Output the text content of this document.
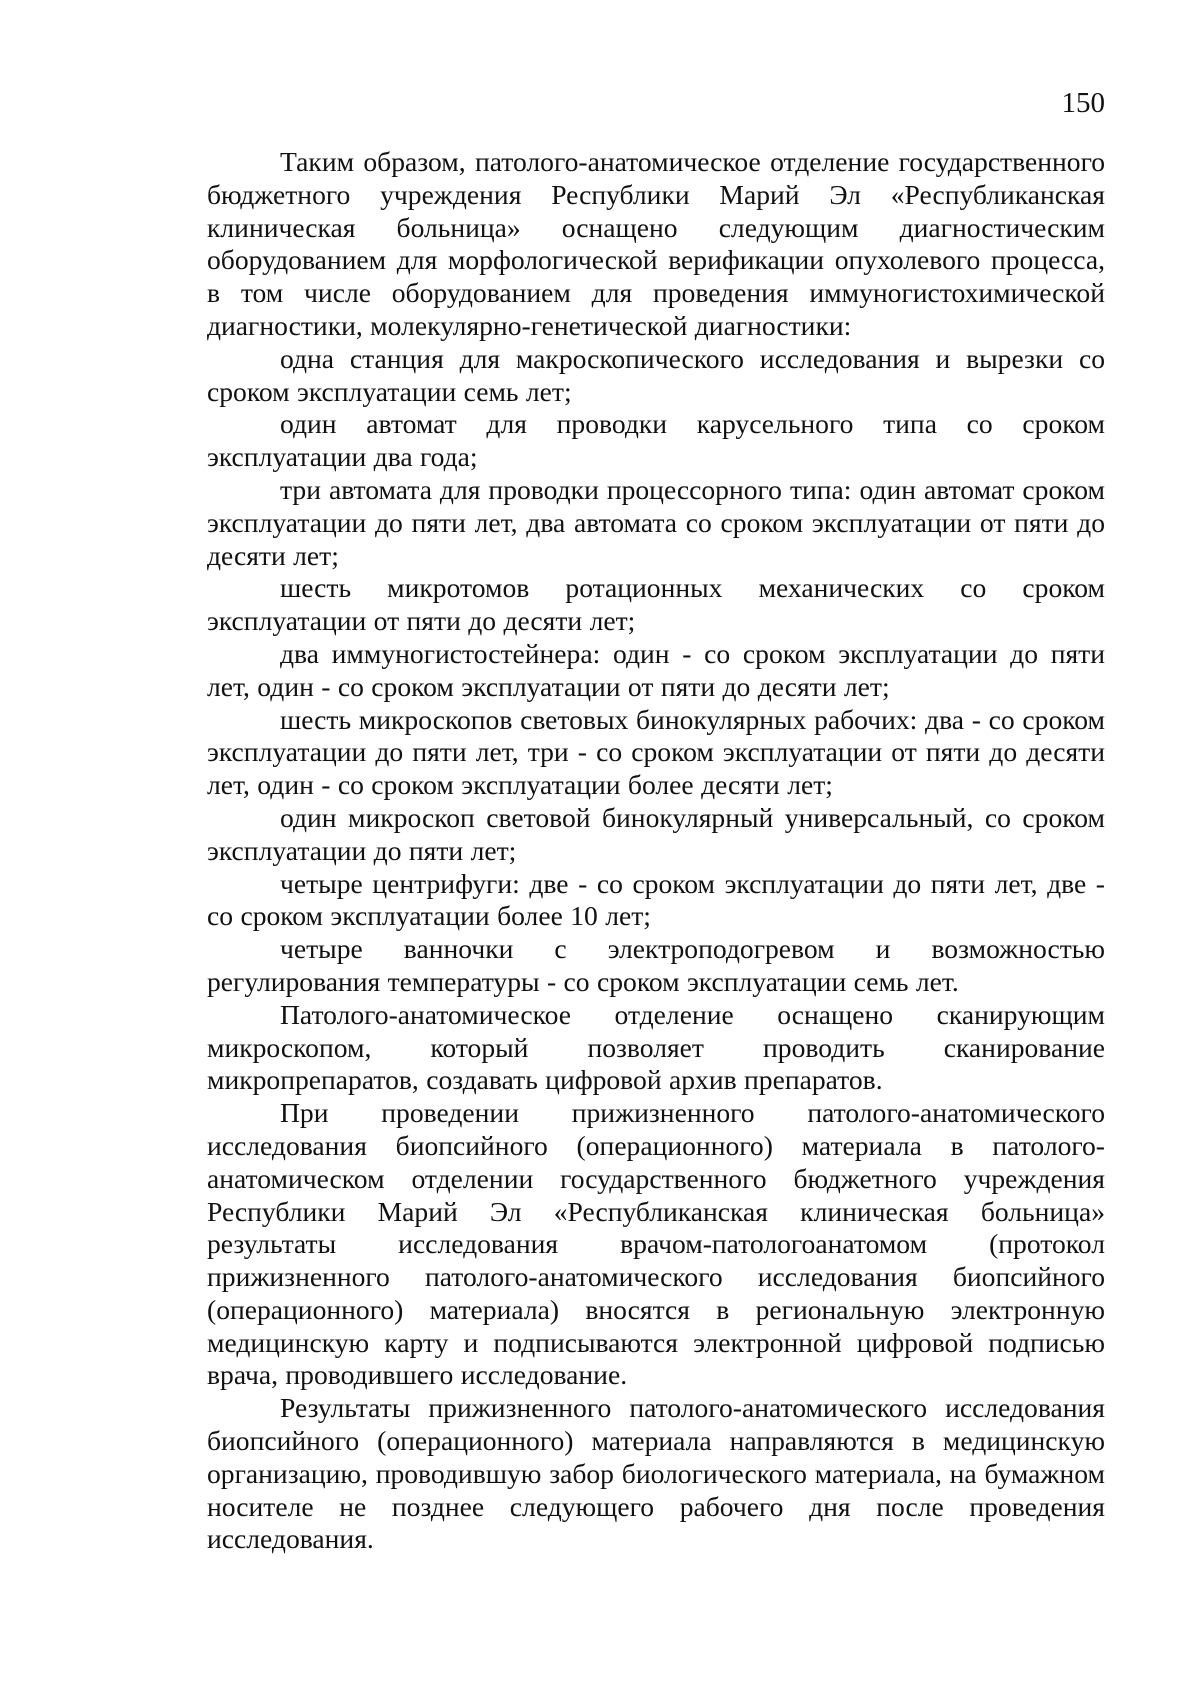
150

Таким образом, патолого-анатомическое отделение государственного бюджетного учреждения Республики Марий Эл «Республиканская клиническая больница» оснащено следующим диагностическим оборудованием для морфологической верификации опухолевого процесса, в том числе оборудованием для проведения иммуногистохимической диагностики, молекулярно-генетической диагностики:

одна станция для макроскопического исследования и вырезки со сроком эксплуатации семь лет;

один автомат для проводки карусельного типа со сроком эксплуатации два года;

три автомата для проводки процессорного типа: один автомат сроком эксплуатации до пяти лет, два автомата со сроком эксплуатации от пяти до десяти лет;

шесть микротомов ротационных механических со сроком эксплуатации от пяти до десяти лет;

два иммуногистостейнера: один - со сроком эксплуатации до пяти лет, один - со сроком эксплуатации от пяти до десяти лет;

шесть микроскопов световых бинокулярных рабочих: два - со сроком эксплуатации до пяти лет, три - со сроком эксплуатации от пяти до десяти лет, один - со сроком эксплуатации более десяти лет;

один микроскоп световой бинокулярный универсальный, со сроком эксплуатации до пяти лет;

четыре центрифуги: две - со сроком эксплуатации до пяти лет, две - со сроком эксплуатации более 10 лет;

четыре ванночки с электроподогревом и возможностью регулирования температуры - со сроком эксплуатации семь лет.

Патолого-анатомическое отделение оснащено сканирующим микроскопом, который позволяет проводить сканирование микропрепаратов, создавать цифровой архив препаратов.

При проведении прижизненного патолого-анатомического исследования биопсийного (операционного) материала в патолого-анатомическом отделении государственного бюджетного учреждения Республики Марий Эл «Республиканская клиническая больница» результаты исследования врачом-патологоанатомом (протокол прижизненного патолого-анатомического исследования биопсийного (операционного) материала) вносятся в региональную электронную медицинскую карту и подписываются электронной цифровой подписью врача, проводившего исследование.

Результаты прижизненного патолого-анатомического исследования биопсийного (операционного) материала направляются в медицинскую организацию, проводившую забор биологического материала, на бумажном носителе не позднее следующего рабочего дня после проведения исследования.
